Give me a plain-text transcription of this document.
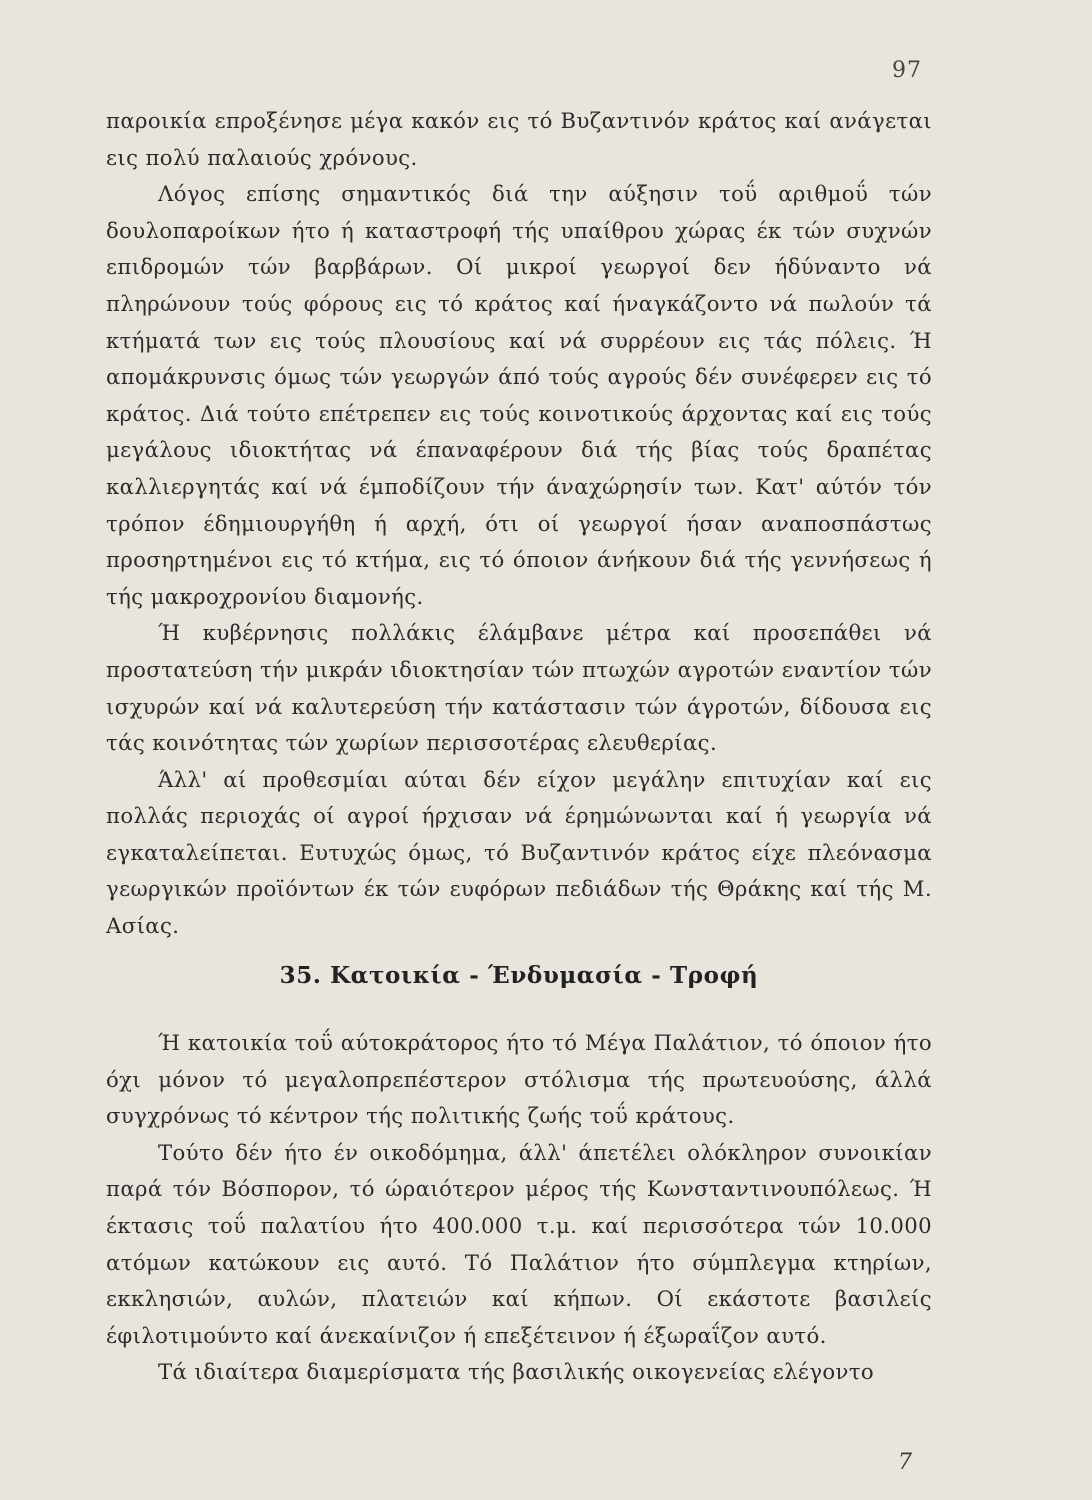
97

παροικία επροξένησε μέγα κακόν εις τό Βυζαντινόν κράτος καί ανάγεται εις πολύ παλαιούς χρόνους.

Λόγος επίσης σημαντικός διά την αύξησιν τοΰ αριθμοΰ τών δουλοπαροίκων ήτο ή καταστροφή τής υπαίθρου χώρας έκ τών συχνών επιδρομών τών βαρβάρων. Οί μικροί γεωργοί δεν ήδύναντο νά πληρώνουν τούς φόρους εις τό κράτος καί ήναγκάζοντο νά πωλούν τά κτήματά των εις τούς πλουσίους καί νά συρρέουν εις τάς πόλεις. Ή απομάκρυνσις όμως τών γεωργών άπό τούς αγρούς δέν συνέφερεν εις τό κράτος. Διά τούτο επέτρεπεν εις τούς κοινοτικούς άρχοντας καί εις τούς μεγάλους ιδιοκτήτας νά έπαναφέρουν διά τής βίας τούς δραπέτας καλλιεργητάς καί νά έμποδίζουν τήν άναχώρησίν των. Κατ' αύτόν τόν τρόπον έδημιουργήθη ή αρχή, ότι οί γεωργοί ήσαν αναποσπάστως προσηρτημένοι εις τό κτήμα, εις τό όποιον άνήκουν διά τής γεννήσεως ή τής μακροχρονίου διαμονής.

Ή κυβέρνησις πολλάκις έλάμβανε μέτρα καί προσεπάθει νά προστατεύση τήν μικράν ιδιοκτησίαν τών πτωχών αγροτών εναντίον τών ισχυρών καί νά καλυτερεύση τήν κατάστασιν τών άγροτών, δίδουσα εις τάς κοινότητας τών χωρίων περισσοτέρας ελευθερίας.

Άλλ' αί προθεσμίαι αύται δέν είχον μεγάλην επιτυχίαν καί εις πολλάς περιοχάς οί αγροί ήρχισαν νά έρημώνωνται καί ή γεωργία νά εγκαταλείπεται. Ευτυχώς όμως, τό Βυζαντινόν κράτος είχε πλεόνασμα γεωργικών προϊόντων έκ τών ευφόρων πεδιάδων τής Θράκης καί τής Μ. Ασίας.

35. Κατοικία - Ένδυμασία - Τροφή

Ή κατοικία τοΰ αύτοκράτορος ήτο τό Μέγα Παλάτιον, τό όποιον ήτο όχι μόνον τό μεγαλοπρεπέστερον στόλισμα τής πρωτευούσης, άλλά συγχρόνως τό κέντρον τής πολιτικής ζωής τοΰ κράτους.

Τούτο δέν ήτο έν οικοδόμημα, άλλ' άπετέλει ολόκληρον συνοικίαν παρά τόν Βόσπορον, τό ώραιότερον μέρος τής Κωνσταντινουπόλεως. Ή έκτασις τοΰ παλατίου ήτο 400.000 τ.μ. καί περισσότερα τών 10.000 ατόμων κατώκουν εις αυτό. Τό Παλάτιον ήτο σύμπλεγμα κτηρίων, εκκλησιών, αυλών, πλατειών καί κήπων. Οί εκάστοτε βασιλείς έφιλοτιμούντο καί άνεκαίνιζον ή επεξέτεινον ή έξωραΐζον αυτό.

Τά ιδιαίτερα διαμερίσματα τής βασιλικής οικογενείας ελέγοντο

7
